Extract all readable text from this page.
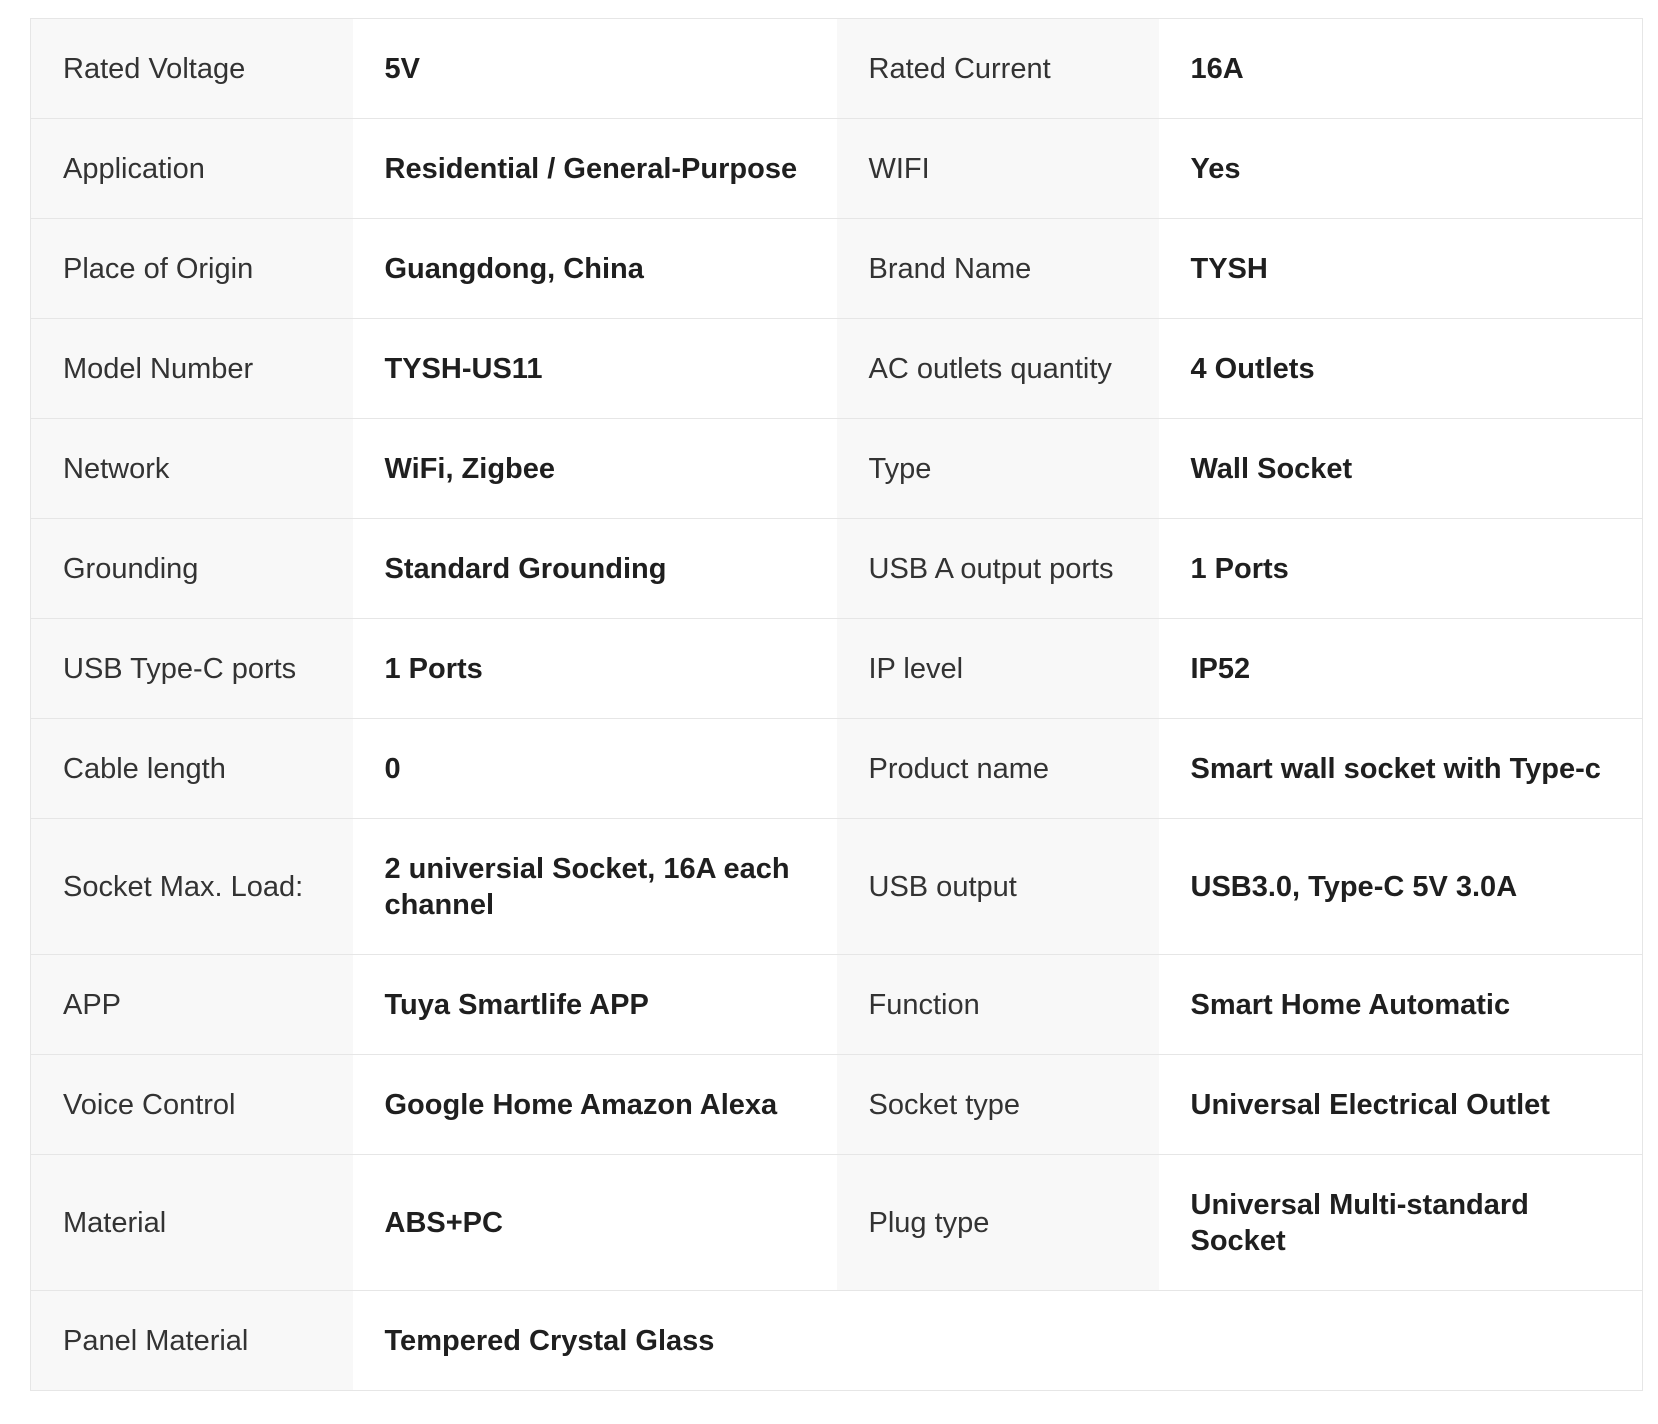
Rated Voltage	5V	Rated Current	16A
Application	Residential / General-Purpose	WIFI	Yes
Place of Origin	Guangdong, China	Brand Name	TYSH
Model Number	TYSH-US11	AC outlets quantity	4 Outlets
Network	WiFi, Zigbee	Type	Wall Socket
Grounding	Standard Grounding	USB A output ports	1 Ports
USB Type-C ports	1 Ports	IP level	IP52
Cable length	0	Product name	Smart wall socket with Type-c
Socket Max. Load:	2 universial Socket, 16A each channel	USB output	USB3.0, Type-C 5V 3.0A
APP	Tuya Smartlife APP	Function	Smart Home Automatic
Voice Control	Google Home Amazon Alexa	Socket type	Universal Electrical Outlet
Material	ABS+PC	Plug type	Universal Multi-standard Socket
Panel Material	Tempered Crystal Glass		
